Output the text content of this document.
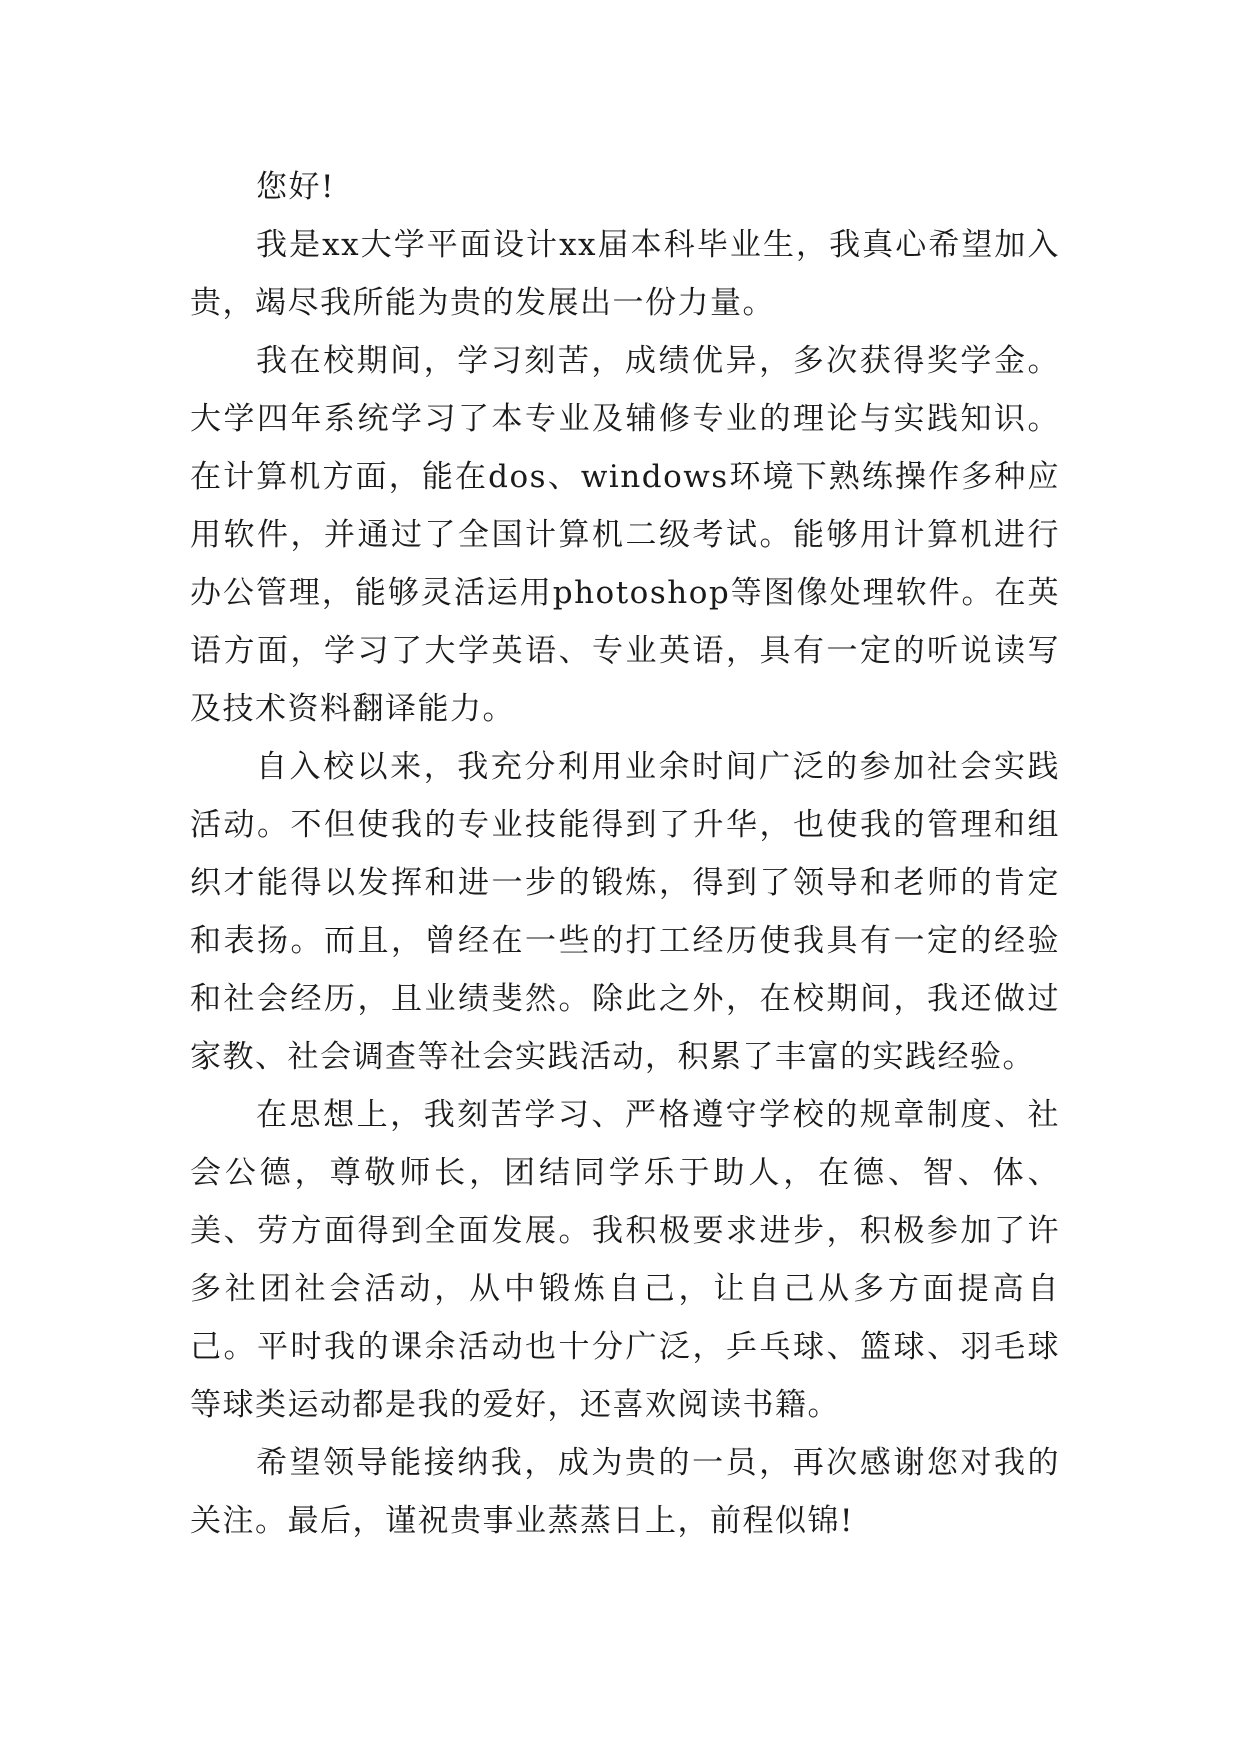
您好!

我是xx大学平面设计xx届本科毕业生，我真心希望加入贵，竭尽我所能为贵的发展出一份力量。

我在校期间，学习刻苦，成绩优异，多次获得奖学金。大学四年系统学习了本专业及辅修专业的理论与实践知识。在计算机方面，能在dos、windows环境下熟练操作多种应用软件，并通过了全国计算机二级考试。能够用计算机进行办公管理，能够灵活运用photoshop等图像处理软件。在英语方面，学习了大学英语、专业英语，具有一定的听说读写及技术资料翻译能力。

自入校以来，我充分利用业余时间广泛的参加社会实践活动。不但使我的专业技能得到了升华，也使我的管理和组织才能得以发挥和进一步的锻炼，得到了领导和老师的肯定和表扬。而且，曾经在一些的打工经历使我具有一定的经验和社会经历，且业绩斐然。除此之外，在校期间，我还做过家教、社会调查等社会实践活动，积累了丰富的实践经验。

在思想上，我刻苦学习、严格遵守学校的规章制度、社会公德，尊敬师长，团结同学乐于助人，在德、智、体、美、劳方面得到全面发展。我积极要求进步，积极参加了许多社团社会活动，从中锻炼自己，让自己从多方面提高自己。平时我的课余活动也十分广泛，乒乓球、篮球、羽毛球等球类运动都是我的爱好，还喜欢阅读书籍。

希望领导能接纳我，成为贵的一员，再次感谢您对我的关注。最后，谨祝贵事业蒸蒸日上，前程似锦!
